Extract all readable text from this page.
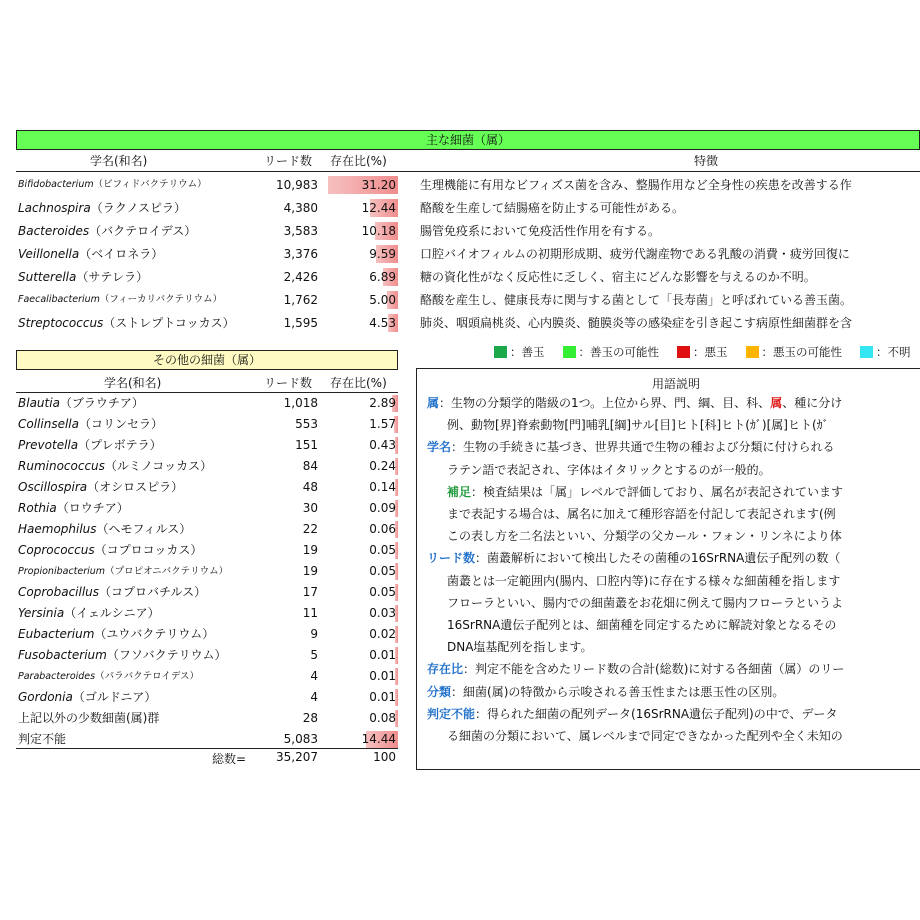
主な細菌（属）
学名(和名)	リード数 存在比(%)	特徴
Bifidobacterium（ビフィドバクテリウム）	10,983	31.20 生理機能に有用なビフィズス菌を含み、整腸作用など全身性の疾患を改善する作
Lachnospira（ラクノスピラ）	4,380	12.44 酪酸を生産して結腸癌を防止する可能性がある。
Bacteroides（バクテロイデス）	3,583	10.18 腸管免疫系において免疫活性作用を有する。
Veillonella（ベイロネラ）	3,376	9.59 口腔バイオフィルムの初期形成期、疲労代謝産物である乳酸の消費・疲労回復に
Sutterella（サテレラ）	2,426	6.89 糖の資化性がなく反応性に乏しく、宿主にどんな影響を与えるのか不明。
Faecalibacterium（フィーカリバクテリウム）	1,762	5.00 酪酸を産生し、健康長寿に関与する菌として「長寿菌」と呼ばれている善玉菌。
Streptococcus（ストレプトコッカス）	1,595	4.53 肺炎、咽頭扁桃炎、心内膜炎、髄膜炎等の感染症を引き起こす病原性細菌群を含
その他の細菌（属）
学名(和名)	リード数 存在比(%)
Blautia（ブラウチア）	1,018	2.89
Collinsella（コリンセラ）	553	1.57
Prevotella（プレボテラ）	151	0.43
Ruminococcus（ルミノコッカス）	84	0.24
Oscillospira（オシロスピラ）	48	0.14
Rothia（ロウチア）	30	0.09
Haemophilus（ヘモフィルス）	22	0.06
Coprococcus（コプロコッカス）	19	0.05
Propionibacterium（プロピオニバクテリウム）	19	0.05
Coprobacillus（コプロバチルス）	17	0.05
Yersinia（イェルシニア）	11	0.03
Eubacterium（ユウバクテリウム）	9	0.02
Fusobacterium（フソバクテリウム）	5	0.01
Parabacteroides（パラバクテロイデス）	4	0.01
Gordonia（ゴルドニア）	4	0.01
上記以外の少数細菌(属)群	28	0.08
判定不能	5,083	14.44
総数=	35,207	100
：善玉	：善玉の可能性	：悪玉	：悪玉の可能性	：不明
用語説明
属：生物の分類学的階級の1つ。上位から界、門、綱、目、科、属、種に分け
例、動物[界]脊索動物[門]哺乳[綱]サル[目]ヒト[科]ヒト(ｶﾞ)[属]ヒト(ｶﾞ
学名：生物の手続きに基づき、世界共通で生物の種および分類に付けられる
ラテン語で表記され、字体はイタリックとするのが一般的。
補足：検査結果は「属」レベルで評価しており、属名が表記されています
まで表記する場合は、属名に加えて種形容語を付記して表記されます(例
この表し方を二名法といい、分類学の父カール・フォン・リンネにより体
リード数：菌叢解析において検出したその菌種の16SrRNA遺伝子配列の数（
菌叢とは一定範囲内(腸内、口腔内等)に存在する様々な細菌種を指します
フローラといい、腸内での細菌叢をお花畑に例えて腸内フローラというよ
16SrRNA遺伝子配列とは、細菌種を同定するために解読対象となるその
DNA塩基配列を指します。
存在比：判定不能を含めたリード数の合計(総数)に対する各細菌（属）のリー
分類：細菌(属)の特徴から示唆される善玉性または悪玉性の区別。
判定不能：得られた細菌の配列データ(16SrRNA遺伝子配列)の中で、データ
る細菌の分類において、属レベルまで同定できなかった配列や全く未知の
